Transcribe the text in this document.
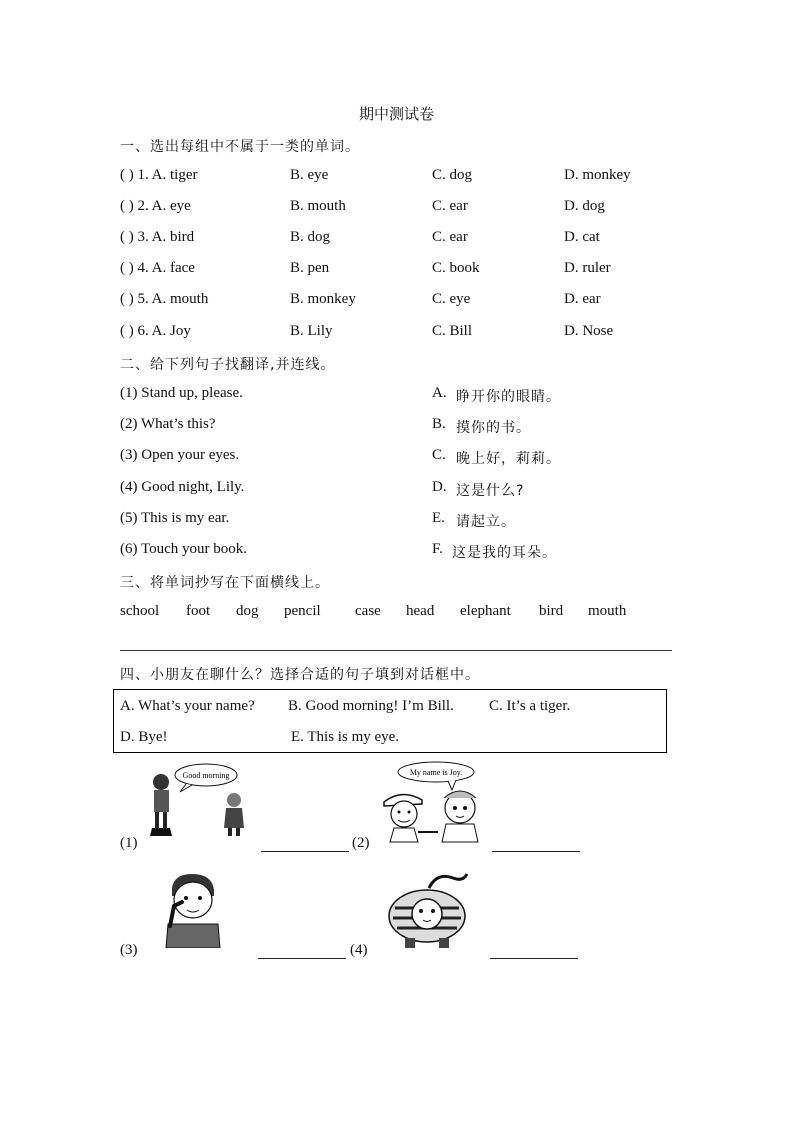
期中测试卷
一、选出每组中不属于一类的单词。
( ) 1. A. tiger	B. eye	C. dog	D. monkey
( ) 2. A. eye	B. mouth	C. ear	D. dog
( ) 3. A. bird	B. dog	C. ear	D. cat
( ) 4. A. face	B. pen	C. book	D. ruler
( ) 5. A. mouth	B. monkey	C. eye	D. ear
( ) 6. A. Joy	B. Lily	C. Bill	D. Nose
二、给下列句子找翻译,并连线。
(1) Stand up, please.
(2) What’s this?
(3) Open your eyes.
(4) Good night, Lily.
(5) This is my ear.
(6) Touch your book.
A. 睁开你的眼睛。
B. 摸你的书。
C. 晚上好，莉莉。
D. 这是什么?
E. 请起立。
F. 这是我的耳朵。
三、将单词抄写在下面横线上。
school foot dog pencil case head elephant bird mouth
四、小朋友在聊什么？选择合适的句子填到对话框中。
A. What’s your name? B. Good morning! I’m Bill. C. It’s a tiger.
D. Bye!	E. This is my eye.
Good morning
(1)	(2)
My name is Joy.
(3)	(4)
